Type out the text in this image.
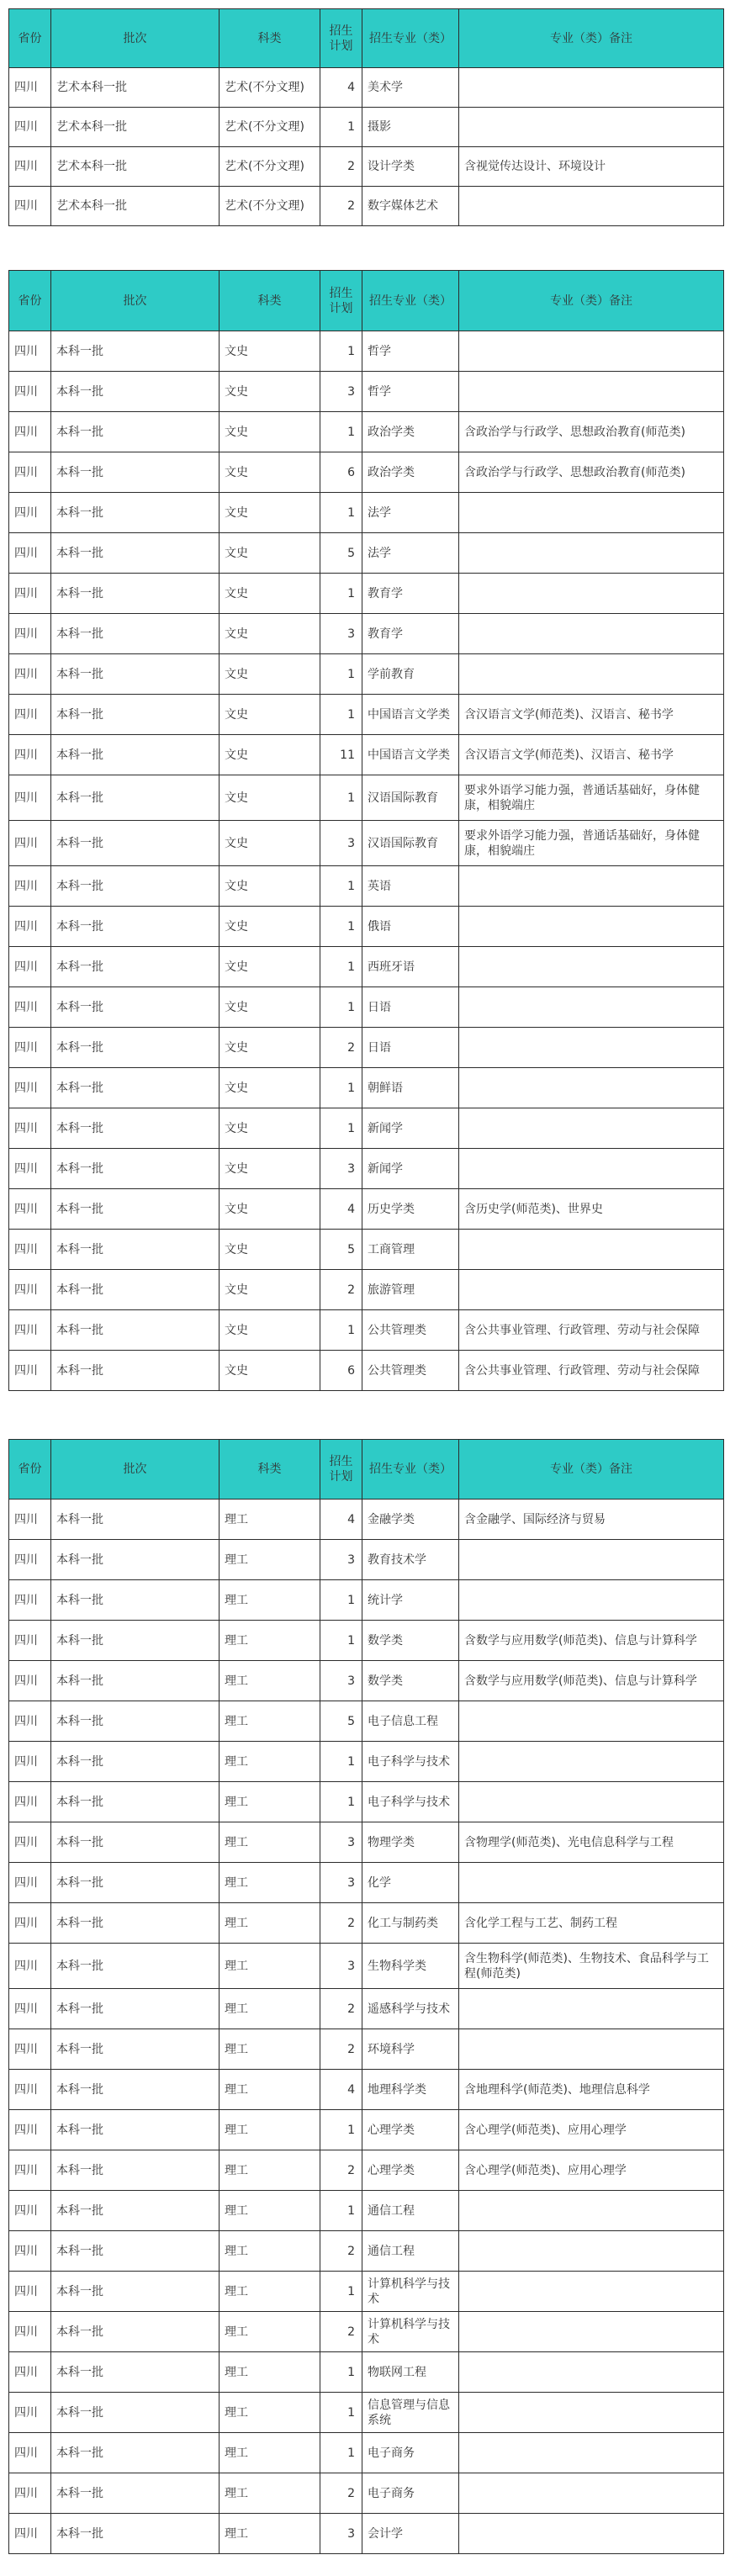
省份	批次	科类	招生计划	招生专业（类）	专业（类）备注
四川	艺术本科一批	艺术(不分文理)	4	美术学	
四川	艺术本科一批	艺术(不分文理)	1	摄影	
四川	艺术本科一批	艺术(不分文理)	2	设计学类	含视觉传达设计、环境设计
四川	艺术本科一批	艺术(不分文理)	2	数字媒体艺术	
省份	批次	科类	招生计划	招生专业（类）	专业（类）备注
四川	本科一批	文史	1	哲学	
四川	本科一批	文史	3	哲学	
四川	本科一批	文史	1	政治学类	含政治学与行政学、思想政治教育(师范类)
四川	本科一批	文史	6	政治学类	含政治学与行政学、思想政治教育(师范类)
四川	本科一批	文史	1	法学	
四川	本科一批	文史	5	法学	
四川	本科一批	文史	1	教育学	
四川	本科一批	文史	3	教育学	
四川	本科一批	文史	1	学前教育	
四川	本科一批	文史	1	中国语言文学类	含汉语言文学(师范类)、汉语言、秘书学
四川	本科一批	文史	11	中国语言文学类	含汉语言文学(师范类)、汉语言、秘书学
四川	本科一批	文史	1	汉语国际教育	要求外语学习能力强，普通话基础好，身体健康，相貌端庄
四川	本科一批	文史	3	汉语国际教育	要求外语学习能力强，普通话基础好，身体健康，相貌端庄
四川	本科一批	文史	1	英语	
四川	本科一批	文史	1	俄语	
四川	本科一批	文史	1	西班牙语	
四川	本科一批	文史	1	日语	
四川	本科一批	文史	2	日语	
四川	本科一批	文史	1	朝鲜语	
四川	本科一批	文史	1	新闻学	
四川	本科一批	文史	3	新闻学	
四川	本科一批	文史	4	历史学类	含历史学(师范类)、世界史
四川	本科一批	文史	5	工商管理	
四川	本科一批	文史	2	旅游管理	
四川	本科一批	文史	1	公共管理类	含公共事业管理、行政管理、劳动与社会保障
四川	本科一批	文史	6	公共管理类	含公共事业管理、行政管理、劳动与社会保障
省份	批次	科类	招生计划	招生专业（类）	专业（类）备注
四川	本科一批	理工	4	金融学类	含金融学、国际经济与贸易
四川	本科一批	理工	3	教育技术学	
四川	本科一批	理工	1	统计学	
四川	本科一批	理工	1	数学类	含数学与应用数学(师范类)、信息与计算科学
四川	本科一批	理工	3	数学类	含数学与应用数学(师范类)、信息与计算科学
四川	本科一批	理工	5	电子信息工程	
四川	本科一批	理工	1	电子科学与技术	
四川	本科一批	理工	1	电子科学与技术	
四川	本科一批	理工	3	物理学类	含物理学(师范类)、光电信息科学与工程
四川	本科一批	理工	3	化学	
四川	本科一批	理工	2	化工与制药类	含化学工程与工艺、制药工程
四川	本科一批	理工	3	生物科学类	含生物科学(师范类)、生物技术、食品科学与工程(师范类)
四川	本科一批	理工	2	遥感科学与技术	
四川	本科一批	理工	2	环境科学	
四川	本科一批	理工	4	地理科学类	含地理科学(师范类)、地理信息科学
四川	本科一批	理工	1	心理学类	含心理学(师范类)、应用心理学
四川	本科一批	理工	2	心理学类	含心理学(师范类)、应用心理学
四川	本科一批	理工	1	通信工程	
四川	本科一批	理工	2	通信工程	
四川	本科一批	理工	1	计算机科学与技术	
四川	本科一批	理工	2	计算机科学与技术	
四川	本科一批	理工	1	物联网工程	
四川	本科一批	理工	1	信息管理与信息系统	
四川	本科一批	理工	1	电子商务	
四川	本科一批	理工	2	电子商务	
四川	本科一批	理工	3	会计学	
